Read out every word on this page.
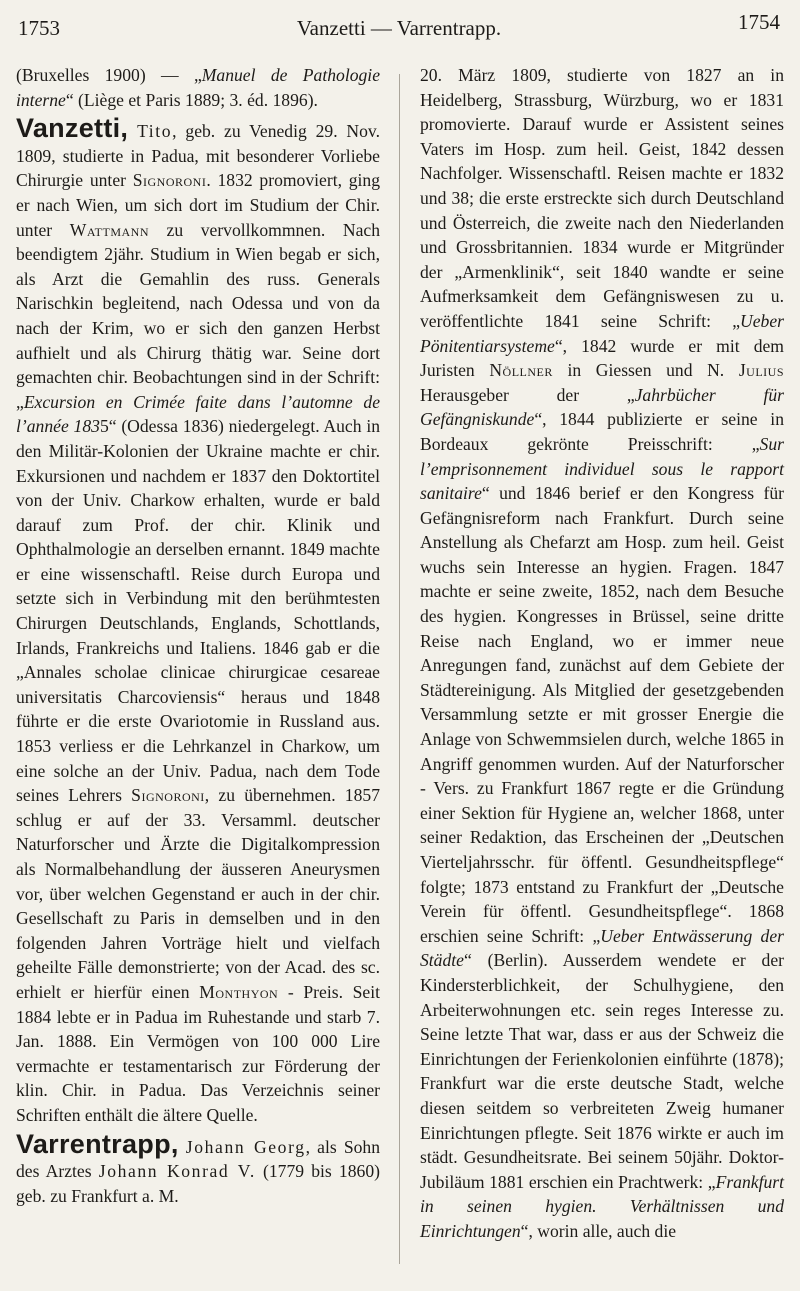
1753	Vanzetti — Varrentrapp.	1754

(Bruxelles 1900) — „Manuel de Pathologie interne“ (Liège et Paris 1889; 3. éd. 1896).

Vanzetti, Tito, geb. zu Venedig 29. Nov. 1809, studierte in Padua, mit besonderer Vorliebe Chirurgie unter Signoroni. 1832 promoviert, ging er nach Wien, um sich dort im Studium der Chir. unter Wattmann zu vervollkommnen. Nach beendigtem 2jähr. Studium in Wien begab er sich, als Arzt die Gemahlin des russ. Generals Narischkin begleitend, nach Odessa und von da nach der Krim, wo er sich den ganzen Herbst aufhielt und als Chirurg thätig war. Seine dort gemachten chir. Beobachtungen sind in der Schrift: „Excursion en Crimée faite dans l’automne de l’année 1835“ (Odessa 1836) niedergelegt. Auch in den Militär-Kolonien der Ukraine machte er chir. Exkursionen und nachdem er 1837 den Doktortitel von der Univ. Charkow erhalten, wurde er bald darauf zum Prof. der chir. Klinik und Ophthalmologie an derselben ernannt. 1849 machte er eine wissenschaftl. Reise durch Europa und setzte sich in Verbindung mit den berühmtesten Chirurgen Deutschlands, Englands, Schottlands, Irlands, Frankreichs und Italiens. 1846 gab er die „Annales scholae clinicae chirurgicae cesareae universitatis Charcoviensis“ heraus und 1848 führte er die erste Ovariotomie in Russland aus. 1853 verliess er die Lehrkanzel in Charkow, um eine solche an der Univ. Padua, nach dem Tode seines Lehrers Signoroni, zu übernehmen. 1857 schlug er auf der 33. Versamml. deutscher Naturforscher und Ärzte die Digitalkompression als Normalbehandlung der äusseren Aneurysmen vor, über welchen Gegenstand er auch in der chir. Gesellschaft zu Paris in demselben und in den folgenden Jahren Vorträge hielt und vielfach geheilte Fälle demonstrierte; von der Acad. des sc. erhielt er hierfür einen Monthyon - Preis. Seit 1884 lebte er in Padua im Ruhestande und starb 7. Jan. 1888. Ein Vermögen von 100 000 Lire vermachte er testamentarisch zur Förderung der klin. Chir. in Padua. Das Verzeichnis seiner Schriften enthält die ältere Quelle.

Varrentrapp, Johann Georg, als Sohn des Arztes Johann Konrad V. (1779 bis 1860) geb. zu Frankfurt a. M.

20. März 1809, studierte von 1827 an in Heidelberg, Strassburg, Würzburg, wo er 1831 promovierte. Darauf wurde er Assistent seines Vaters im Hosp. zum heil. Geist, 1842 dessen Nachfolger. Wissenschaftl. Reisen machte er 1832 und 38; die erste erstreckte sich durch Deutschland und Österreich, die zweite nach den Niederlanden und Grossbritannien. 1834 wurde er Mitgründer der „Armenklinik“, seit 1840 wandte er seine Aufmerksamkeit dem Gefängniswesen zu u. veröffentlichte 1841 seine Schrift: „Ueber Pönitentiarsysteme“, 1842 wurde er mit dem Juristen Nöllner in Giessen und N. Julius Herausgeber der „Jahrbücher für Gefängniskunde“, 1844 publizierte er seine in Bordeaux gekrönte Preisschrift: „Sur l’emprisonnement individuel sous le rapport sanitaire“ und 1846 berief er den Kongress für Gefängnisreform nach Frankfurt. Durch seine Anstellung als Chefarzt am Hosp. zum heil. Geist wuchs sein Interesse an hygien. Fragen. 1847 machte er seine zweite, 1852, nach dem Besuche des hygien. Kongresses in Brüssel, seine dritte Reise nach England, wo er immer neue Anregungen fand, zunächst auf dem Gebiete der Städtereinigung. Als Mitglied der gesetzgebenden Versammlung setzte er mit grosser Energie die Anlage von Schwemmsielen durch, welche 1865 in Angriff genommen wurden. Auf der Naturforscher - Vers. zu Frankfurt 1867 regte er die Gründung einer Sektion für Hygiene an, welcher 1868, unter seiner Redaktion, das Erscheinen der „Deutschen Vierteljahrsschr. für öffentl. Gesundheitspflege“ folgte; 1873 entstand zu Frankfurt der „Deutsche Verein für öffentl. Gesundheitspflege“. 1868 erschien seine Schrift: „Ueber Entwässerung der Städte“ (Berlin). Ausserdem wendete er der Kindersterblichkeit, der Schulhygiene, den Arbeiterwohnungen etc. sein reges Interesse zu. Seine letzte That war, dass er aus der Schweiz die Einrichtungen der Ferienkolonien einführte (1878); Frankfurt war die erste deutsche Stadt, welche diesen seitdem so verbreiteten Zweig humaner Einrichtungen pflegte. Seit 1876 wirkte er auch im städt. Gesundheitsrate. Bei seinem 50jähr. Doktor-Jubiläum 1881 erschien ein Prachtwerk: „Frankfurt in seinen hygien. Verhältnissen und Einrichtungen“, worin alle, auch die
